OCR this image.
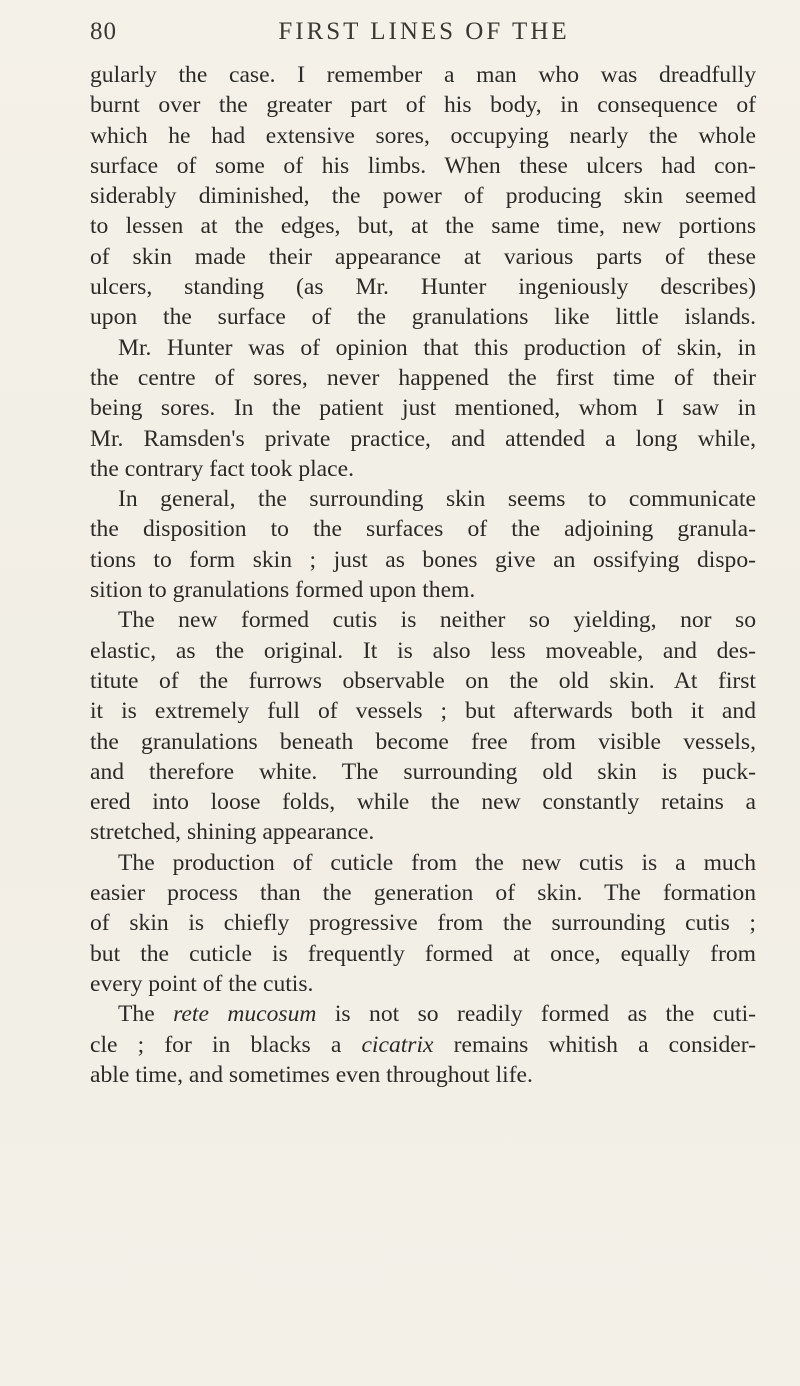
80	FIRST LINES OF THE
gularly the case. I remember a man who was dreadfully
burnt over the greater part of his body, in consequence of
which he had extensive sores, occupying nearly the whole
surface of some of his limbs. When these ulcers had con-
siderably diminished, the power of producing skin seemed
to lessen at the edges, but, at the same time, new portions
of skin made their appearance at various parts of these
ulcers, standing (as Mr. Hunter ingeniously describes)
upon the surface of the granulations like little islands.
Mr. Hunter was of opinion that this production of skin, in
the centre of sores, never happened the first time of their
being sores. In the patient just mentioned, whom I saw in
Mr. Ramsden's private practice, and attended a long while,
the contrary fact took place.
In general, the surrounding skin seems to communicate
the disposition to the surfaces of the adjoining granula-
tions to form skin ; just as bones give an ossifying dispo-
sition to granulations formed upon them.
The new formed cutis is neither so yielding, nor so
elastic, as the original. It is also less moveable, and des-
titute of the furrows observable on the old skin. At first
it is extremely full of vessels ; but afterwards both it and
the granulations beneath become free from visible vessels,
and therefore white. The surrounding old skin is puck-
ered into loose folds, while the new constantly retains a
stretched, shining appearance.
The production of cuticle from the new cutis is a much
easier process than the generation of skin. The formation
of skin is chiefly progressive from the surrounding cutis ;
but the cuticle is frequently formed at once, equally from
every point of the cutis.
The rete mucosum is not so readily formed as the cuti-
cle ; for in blacks a cicatrix remains whitish a consider-
able time, and sometimes even throughout life.
